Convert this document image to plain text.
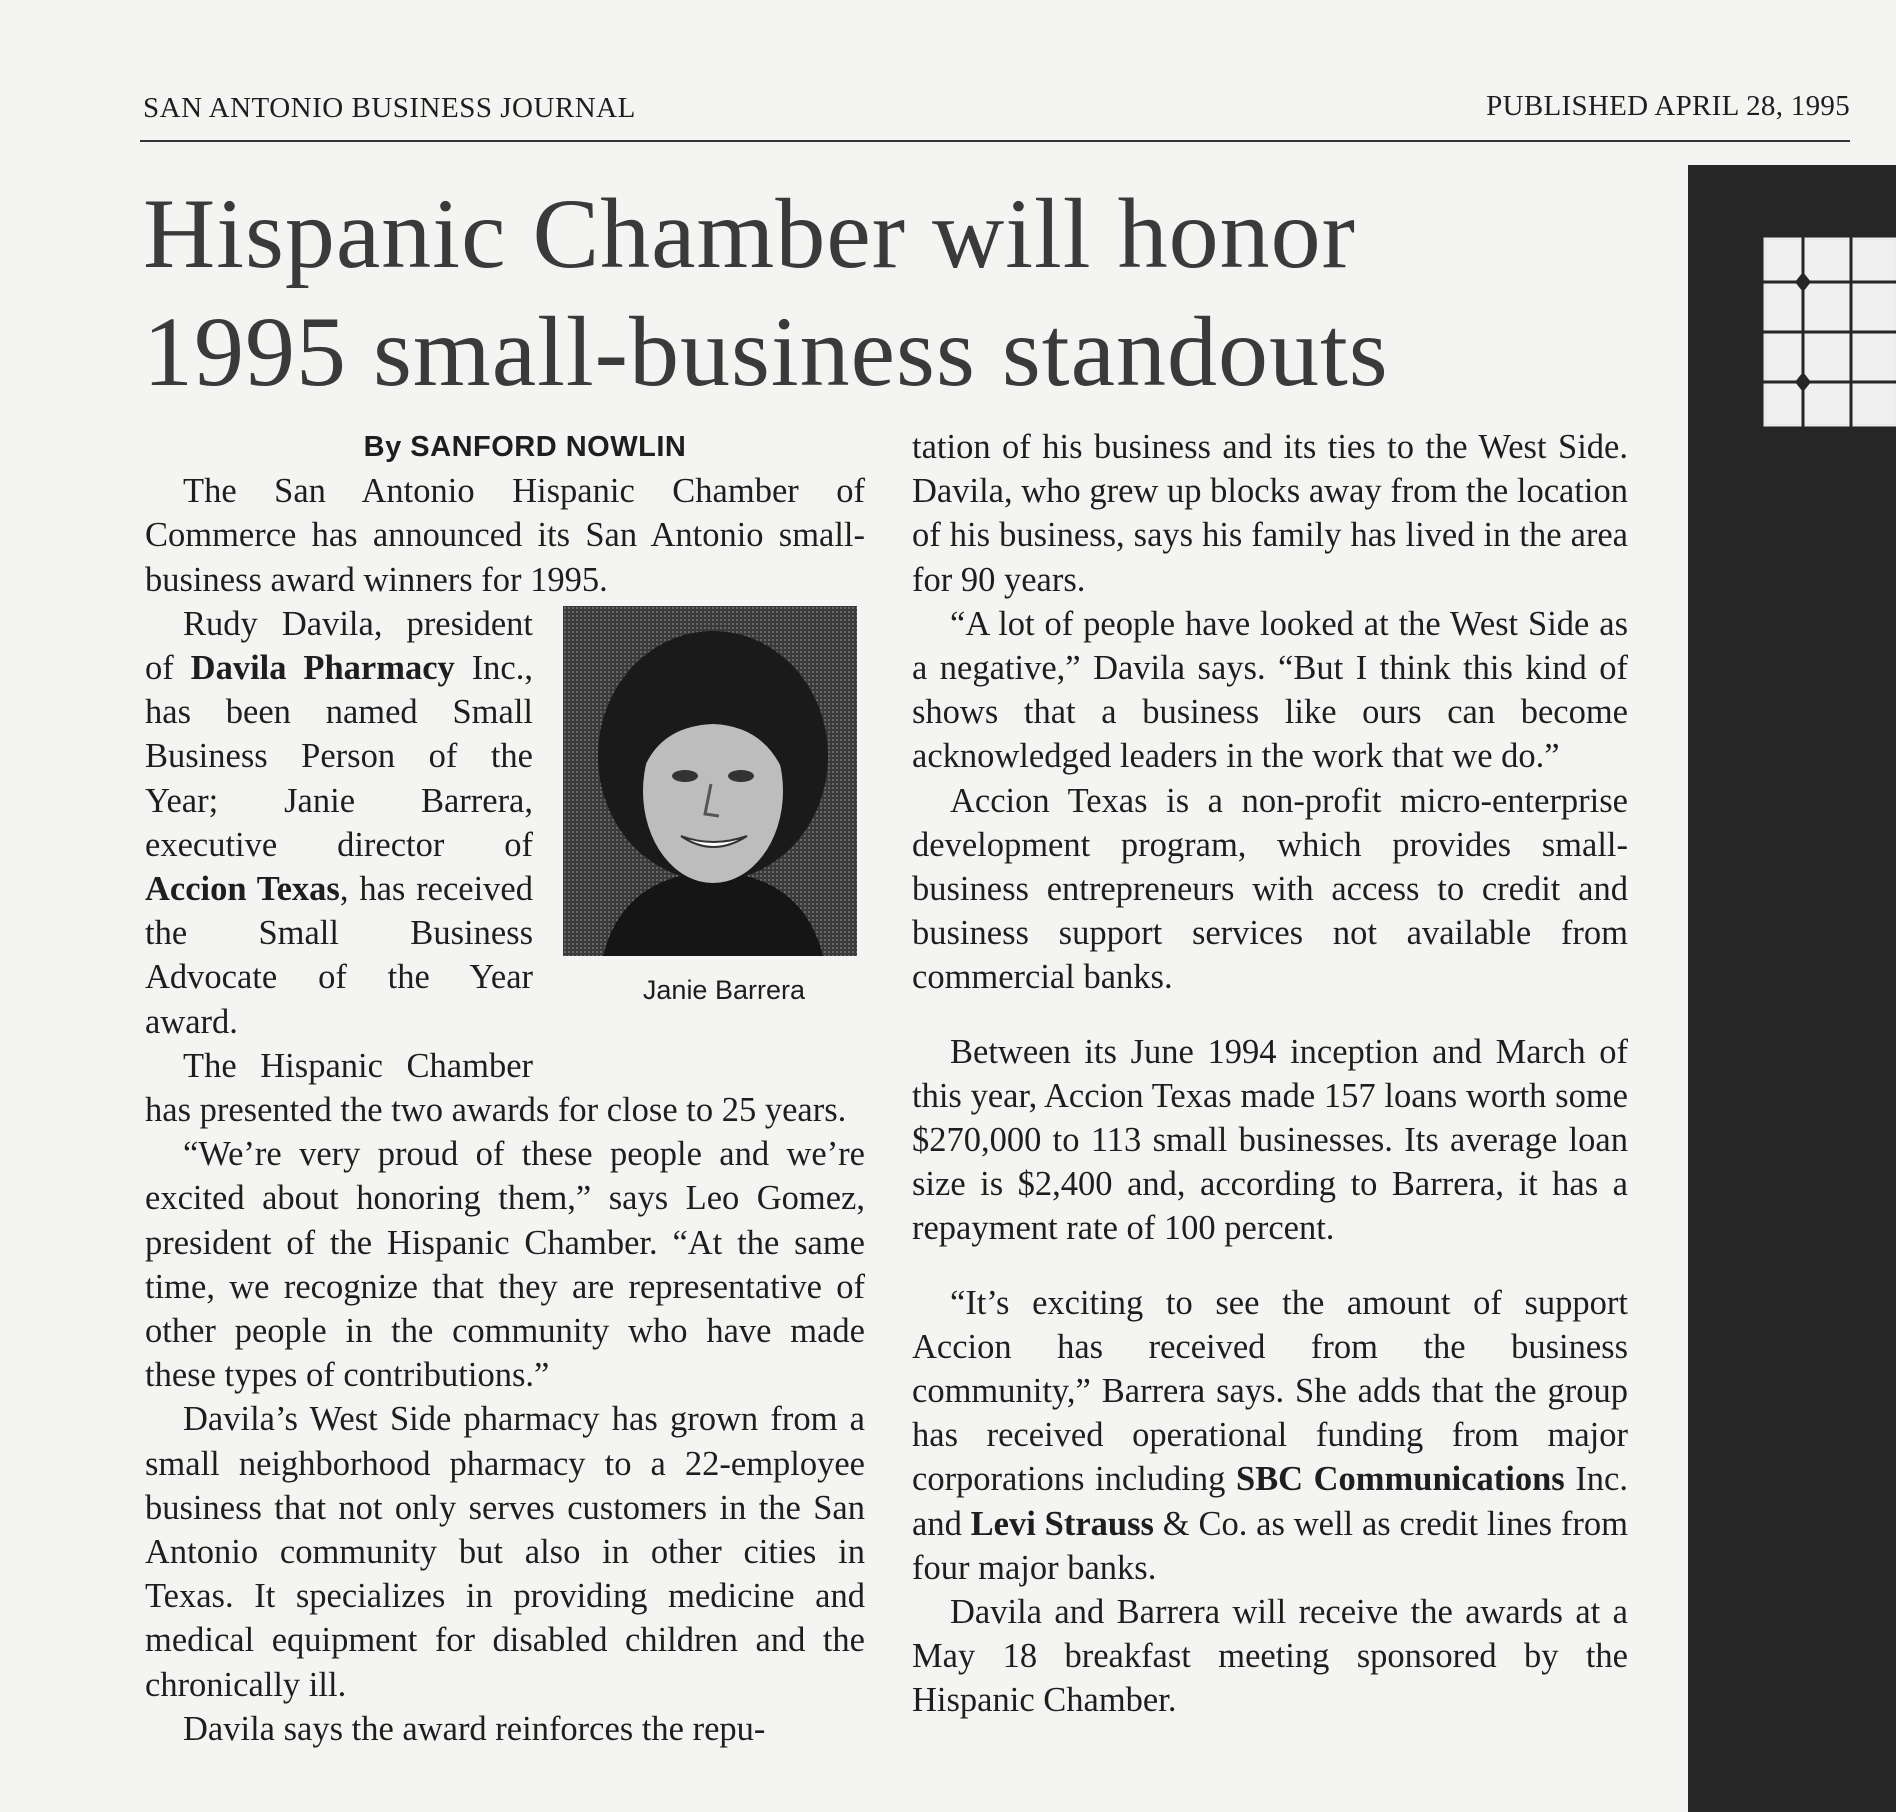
SAN ANTONIO BUSINESS JOURNAL	PUBLISHED APRIL 28, 1995
Hispanic Chamber will honor
1995 small-business standouts
By SANFORD NOWLIN

The San Antonio Hispanic Chamber of Commerce has announced its San Antonio small-business award winners for 1995.

Janie Barrera

Rudy Davila, president of Davila Pharmacy Inc., has been named Small Business Person of the Year; Janie Barrera, executive director of Accion Texas, has received the Small Business Advocate of the Year award.

The Hispanic Chamber has presented the two awards for close to 25 years.

“We’re very proud of these people and we’re excited about honoring them,” says Leo Gomez, president of the Hispanic Chamber. “At the same time, we recognize that they are representative of other people in the community who have made these types of contributions.”

Davila’s West Side pharmacy has grown from a small neighborhood pharmacy to a 22-employee business that not only serves customers in the San Antonio community but also in other cities in Texas. It specializes in providing medicine and medical equipment for disabled children and the chronically ill.

Davila says the award reinforces the repu-

tation of his business and its ties to the West Side. Davila, who grew up blocks away from the location of his business, says his family has lived in the area for 90 years.

“A lot of people have looked at the West Side as a negative,” Davila says. “But I think this kind of shows that a business like ours can become acknowledged leaders in the work that we do.”

Accion Texas is a non-profit micro-enterprise development program, which provides small-business entrepreneurs with access to credit and business support services not available from commercial banks.

Between its June 1994 inception and March of this year, Accion Texas made 157 loans worth some $270,000 to 113 small businesses. Its average loan size is $2,400 and, according to Barrera, it has a repayment rate of 100 percent.

“It’s exciting to see the amount of support Accion has received from the business community,” Barrera says. She adds that the group has received operational funding from major corporations including SBC Communications Inc. and Levi Strauss & Co. as well as credit lines from four major banks.

Davila and Barrera will receive the awards at a May 18 breakfast meeting sponsored by the Hispanic Chamber.
